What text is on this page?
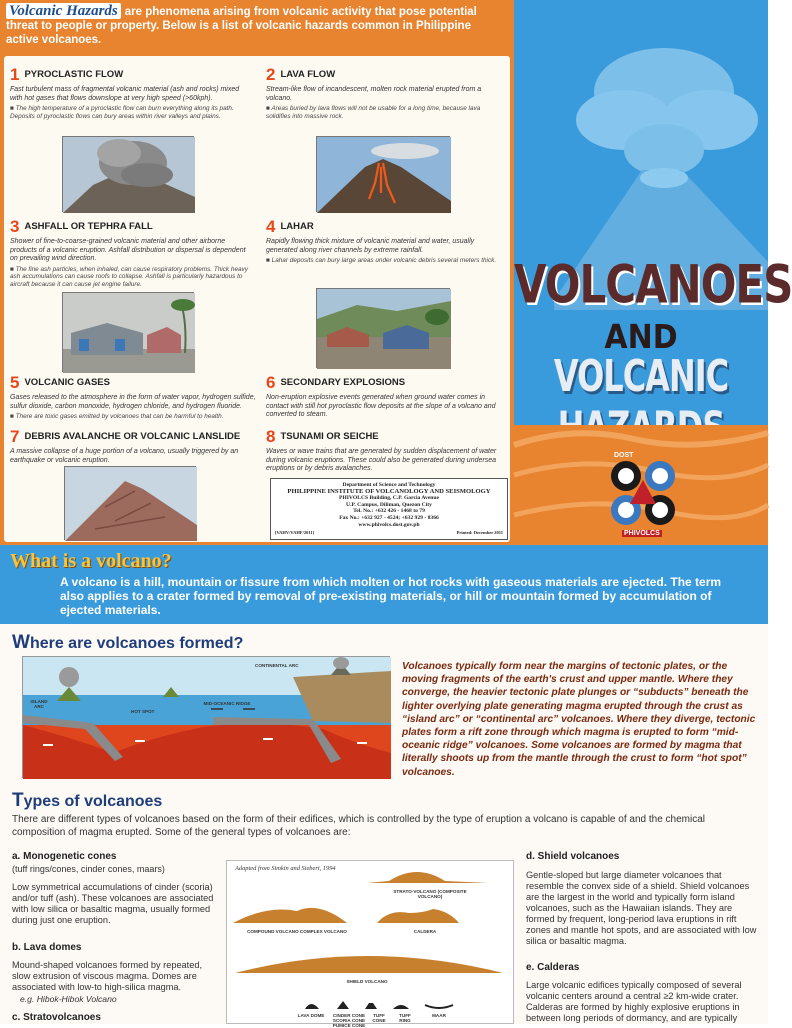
Volcanic Hazards are phenomena arising from volcanic activity that pose potential threat to people or property. Below is a list of volcanic hazards common in Philippine active volcanoes.
1 PYROCLASTIC FLOW
Fast turbulent mass of fragmental volcanic material (ash and rocks) mixed with hot gases that flows downslope at very high speed (>60kph).
■ The high temperature of a pyroclastic flow can burn everything along its path. Deposits of pyroclastic flows can bury areas within river valleys and plains.
2 LAVA FLOW
Stream-like flow of incandescent, molten rock material erupted from a volcano.
■ Areas buried by lava flows will not be usable for a long time, because lava solidifies into massive rock.
3 ASHFALL OR TEPHRA FALL
Shower of fine-to-coarse-grained volcanic material and other airborne products of a volcanic eruption. Ashfall distribution or dispersal is dependent on prevailing wind direction.
■ The fine ash particles, when inhaled, can cause respiratory problems. Thick heavy ash accumulations can cause roofs to collapse. Ashfall is particularly hazardous to aircraft because it can cause jet engine failure.
4 LAHAR
Rapidly flowing thick mixture of volcanic material and water, usually generated along river channels by extreme rainfall.
■ Lahar deposits can bury large areas under volcanic debris several meters thick.
5 VOLCANIC GASES
Gases released to the atmosphere in the form of water vapor, hydrogen sulfide, sulfur dioxide, carbon monoxide, hydrogen chloride, and hydrogen fluoride.
■ There are toxic gases emitted by volcanoes that can be harmful to health.
6 SECONDARY EXPLOSIONS
Non-eruption explosive events generated when ground water comes in contact with still hot pyroclastic flow deposits at the slope of a volcano and converted to steam.
7 DEBRIS AVALANCHE OR VOLCANIC LANSLIDE
A massive collapse of a huge portion of a volcano, usually triggered by an earthquake or volcanic eruption.
8 TSUNAMI OR SEICHE
Waves or wave trains that are generated by sudden displacement of water during volcanic eruptions. These could also be generated during undersea eruptions or by debris avalanches.
Department of Science and Technology
PHILIPPINE INSTITUTE OF VOLCANOLOGY AND SEISMOLOGY
PHIVOLCS Building, C.P. Garcia Avenue
U.P. Campus, Diliman, Quezon City
Tel. No.: +632 426 - 1468 to 79
Fax No.: +632 927 - 4524; +632 929 - 8366
www.phivolcs.dost.gov.ph
[VAHV/VAHF/2011]	Printed: December 2011
VOLCANOES
AND
VOLCANIC
DOST
PHIVOLCS
What is a volcano?
A volcano is a hill, mountain or fissure from which molten or hot rocks with gaseous materials are ejected. The term also applies to a crater formed by removal of pre-existing materials, or hill or mountain formed by accumulation of ejected materials.
Where are volcanoes formed?
CONTINENTAL ARC
ISLAND ARC
HOT SPOT
MID-OCEANIC RIDGE
Volcanoes typically form near the margins of tectonic plates, or the moving fragments of the earth's crust and upper mantle. Where they converge, the heavier tectonic plate plunges or “subducts” beneath the lighter overlying plate generating magma erupted through the crust as “island arc” or “continental arc” volcanoes. Where they diverge, tectonic plates form a rift zone through which magma is erupted to form “mid-oceanic ridge” volcanoes. Some volcanoes are formed by magma that literally shoots up from the mantle through the crust to form “hot spot” volcanoes.
Types of volcanoes
There are different types of volcanoes based on the form of their edifices, which is controlled by the type of eruption a volcano is capable of and the chemical composition of magma erupted. Some of the general types of volcanoes are:
a. Monogenetic cones
(tuff rings/cones, cinder cones, maars)
Low symmetrical accumulations of cinder (scoria) and/or tuff (ash). These volcanoes are associated with low silica or basaltic magma, usually formed during just one eruption.
b. Lava domes
Mound-shaped volcanoes formed by repeated, slow extrusion of viscous magma. Domes are associated with low-to high-silica magma.
e.g. Hibok-Hibok Volcano
c. Stratovolcanoes
Adapted from Simkin and Siebert, 1994
STRATO-VOLCANO (COMPOSITE VOLCANO)
COMPOUND VOLCANO COMPLEX VOLCANO	CALDERA
SHIELD VOLCANO
LAVA DOME	CINDER CONE SCORIA CONE PUMICE CONE
TUFF CONE
TUFF RING
MAAR
d. Shield volcanoes
Gentle-sloped but large diameter volcanoes that resemble the convex side of a shield. Shield volcanoes are the largest in the world and typically form island volcanoes, such as the Hawaiian islands. They are formed by frequent, long-period lava eruptions in rift zones and mantle hot spots, and are associated with low silica or basaltic magma.
e. Calderas
Large volcanic edifices typically composed of several volcanic centers around a central ≥2 km-wide crater. Calderas are formed by highly explosive eruptions in between long periods of dormancy, and are typically
